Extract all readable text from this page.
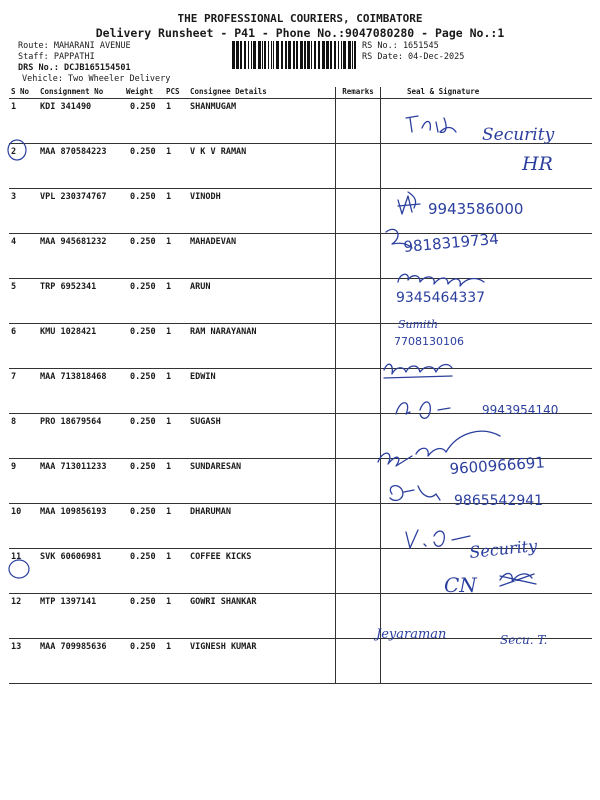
THE PROFESSIONAL COURIERS, COIMBATORE
Delivery Runsheet - P41 - Phone No.:9047080280 - Page No.:1
Route: MAHARANI AVENUE
Staff: PAPPATHI
DRS No.: DCJB165154501
Vehicle: Two Wheeler Delivery
RS No.: 1651545
RS Date: 04-Dec-2025
S No	Consignment No	Weight	PCS	Consignee Details	Remarks	Seal & Signature
1	KDI 341490	0.250	1	SHANMUGAM		
2	MAA 870584223	0.250	1	V K V RAMAN		
3	VPL 230374767	0.250	1	VINODH		
4	MAA 945681232	0.250	1	MAHADEVAN		
5	TRP 6952341	0.250	1	ARUN		
6	KMU 1028421	0.250	1	RAM NARAYANAN		
7	MAA 713818468	0.250	1	EDWIN		
8	PRO 18679564	0.250	1	SUGASH		
9	MAA 713011233	0.250	1	SUNDARESAN		
10	MAA 109856193	0.250	1	DHARUMAN		
11	SVK 60606981	0.250	1	COFFEE KICKS		
12	MTP 1397141	0.250	1	GOWRI SHANKAR		
13	MAA 709985636	0.250	1	VIGNESH KUMAR		
Security
HR
9943586000
9818319734
9345464337
Sumith
7708130106
9943954140
9600966691
9865542941
Security
CN
Jeyaraman	Secu. T.
